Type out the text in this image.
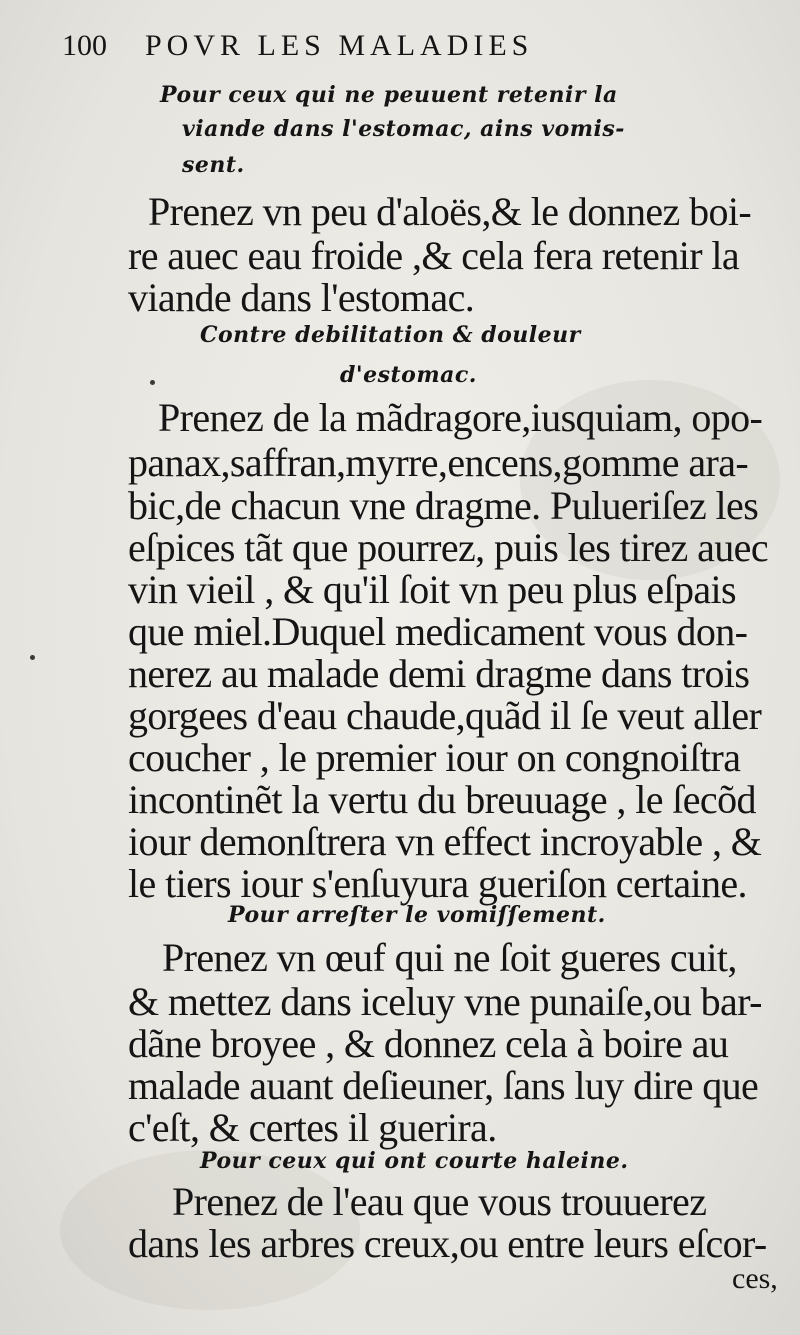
100 POVR LES MALADIES
Pour ceux qui ne peuuent retenir la
viande dans l'estomac, ains vomis-
sent.
Prenez vn peu d'aloës,& le donnez boi-
re auec eau froide ,& cela fera retenir la
viande dans l'estomac.
Contre debilitation & douleur
d'estomac.
Prenez de la mãdragore,iusquiam, opo-
panax,saffran,myrre,encens,gomme ara-
bic,de chacun vne dragme. Pulueriſez les
eſpices tãt que pourrez, puis les tirez auec
vin vieil , & qu'il ſoit vn peu plus eſpais
que miel.Duquel medicament vous don-
nerez au malade demi dragme dans trois
gorgees d'eau chaude,quãd il ſe veut aller
coucher , le premier iour on congnoiſtra
incontinẽt la vertu du breuuage , le ſecõd
iour demonſtrera vn effect incroyable , &
le tiers iour s'enſuyura gueriſon certaine.
Pour arreſter le vomiſſement.
Prenez vn œuf qui ne ſoit gueres cuit,
& mettez dans iceluy vne punaiſe,ou bar-
dãne broyee , & donnez cela à boire au
malade auant deſieuner, ſans luy dire que
c'eſt, & certes il guerira.
Pour ceux qui ont courte haleine.
Prenez de l'eau que vous trouuerez
dans les arbres creux,ou entre leurs eſcor-
ces,
